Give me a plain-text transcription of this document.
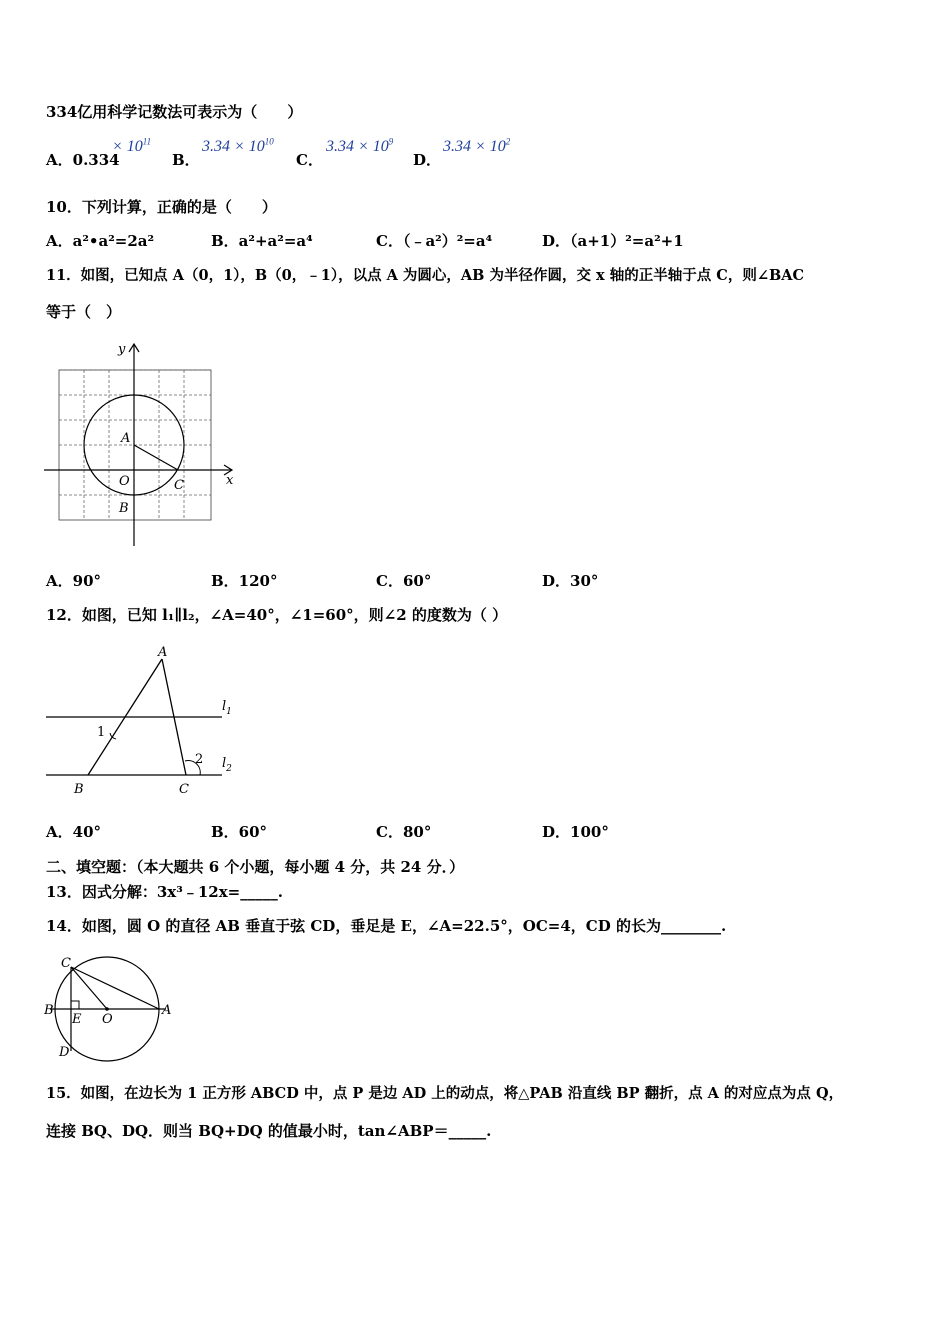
334亿用科学记数法可表示为（　　）
A．0.334
× $10^{11}$
B．
$3.34 \times 10^{10}$
C．
$3.34 \times 10^9$
D．
$3.34 \times 10^2$
10．下列计算，正确的是（　　）
A．a²•a²=2a²	B．a²+a²=a⁴	C．（﹣a²）²=a⁴	D．（a+1）²=a²+1
11．如图，已知点 A（0，1），B（0，﹣1），以点 A 为圆心，AB 为半径作圆，交 x 轴的正半轴于点 C，则∠BAC
等于（　）
y
x
A
O	C
B
A．90°	B．120°	C．60°	D．30°
12．如图，已知 l₁∥l₂，∠A=40°，∠1=60°，则∠2 的度数为（ ）
A
B	C
1
2
$l_1$
$l_2$
A．40°	B．60°	C．80°	D．100°
二、填空题：（本大题共 6 个小题，每小题 4 分，共 24 分．）
13．因式分解：3x³﹣12x=_____.
14．如图，圆 O 的直径 AB 垂直于弦 CD，垂足是 E，∠A=22.5°，OC=4，CD 的长为________.
C
B
E O
A
D
15．如图，在边长为 1 正方形 ABCD 中，点 P 是边 AD 上的动点，将△PAB 沿直线 BP 翻折，点 A 的对应点为点 Q，
连接 BQ、DQ．则当 BQ+DQ 的值最小时，tan∠ABP＝_____.
